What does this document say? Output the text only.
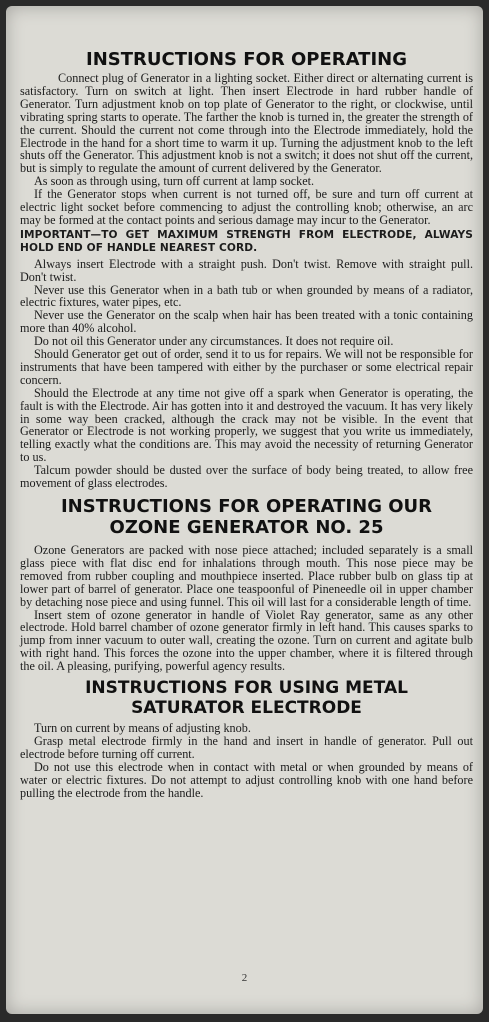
INSTRUCTIONS FOR OPERATING

Connect plug of Generator in a lighting socket. Either direct or alternating current is satisfactory. Turn on switch at light. Then insert Electrode in hard rubber handle of Generator. Turn adjustment knob on top plate of Generator to the right, or clockwise, until vibrating spring starts to operate. The farther the knob is turned in, the greater the strength of the current. Should the current not come through into the Electrode immediately, hold the Electrode in the hand for a short time to warm it up. Turning the adjustment knob to the left shuts off the Generator. This adjustment knob is not a switch; it does not shut off the current, but is simply to regulate the amount of current delivered by the Generator.

As soon as through using, turn off current at lamp socket.

If the Generator stops when current is not turned off, be sure and turn off current at electric light socket before commencing to adjust the controlling knob; otherwise, an arc may be formed at the contact points and serious damage may incur to the Generator.

IMPORTANT—TO GET MAXIMUM STRENGTH FROM ELECTRODE, ALWAYS HOLD END OF HANDLE NEAREST CORD.

Always insert Electrode with a straight push. Don't twist. Remove with straight pull. Don't twist.

Never use this Generator when in a bath tub or when grounded by means of a radiator, electric fixtures, water pipes, etc.

Never use the Generator on the scalp when hair has been treated with a tonic containing more than 40% alcohol.

Do not oil this Generator under any circumstances. It does not require oil.

Should Generator get out of order, send it to us for repairs. We will not be responsible for instruments that have been tampered with either by the purchaser or some electrical repair concern.

Should the Electrode at any time not give off a spark when Generator is operating, the fault is with the Electrode. Air has gotten into it and destroyed the vacuum. It has very likely in some way been cracked, although the crack may not be visible. In the event that Generator or Electrode is not working properly, we suggest that you write us immediately, telling exactly what the conditions are. This may avoid the necessity of returning Generator to us.

Talcum powder should be dusted over the surface of body being treated, to allow free movement of glass electrodes.

INSTRUCTIONS FOR OPERATING OUR
OZONE GENERATOR NO. 25

Ozone Generators are packed with nose piece attached; included separately is a small glass piece with flat disc end for inhalations through mouth. This nose piece may be removed from rubber coupling and mouthpiece inserted. Place rubber bulb on glass tip at lower part of barrel of generator. Place one teaspoonful of Pineneedle oil in upper chamber by detaching nose piece and using funnel. This oil will last for a considerable length of time.

Insert stem of ozone generator in handle of Violet Ray generator, same as any other electrode. Hold barrel chamber of ozone generator firmly in left hand. This causes sparks to jump from inner vacuum to outer wall, creating the ozone. Turn on current and agitate bulb with right hand. This forces the ozone into the upper chamber, where it is filtered through the oil. A pleasing, purifying, powerful agency results.

INSTRUCTIONS FOR USING METAL
SATURATOR ELECTRODE

Turn on current by means of adjusting knob.

Grasp metal electrode firmly in the hand and insert in handle of generator. Pull out electrode before turning off current.

Do not use this electrode when in contact with metal or when grounded by means of water or electric fixtures. Do not attempt to adjust controlling knob with one hand before pulling the electrode from the handle.

2
